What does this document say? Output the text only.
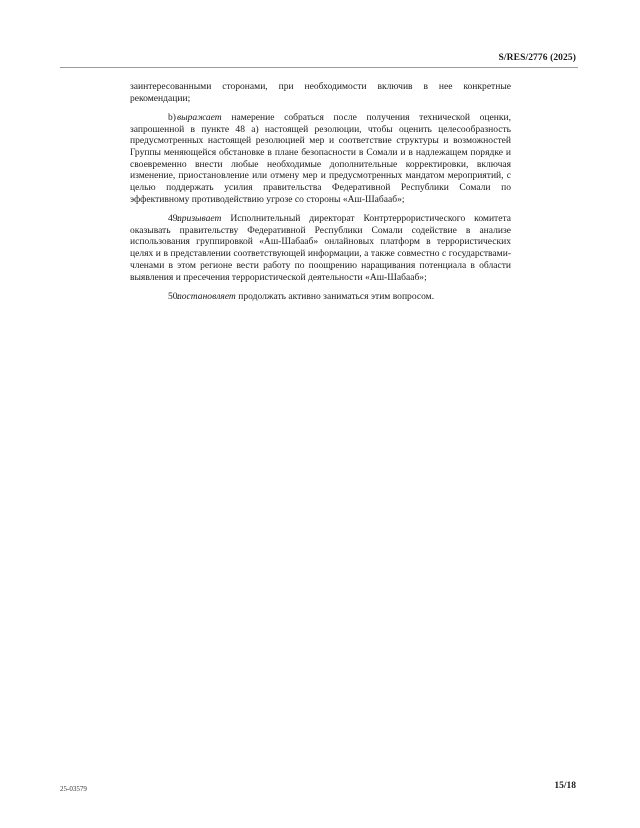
S/RES/2776 (2025)

заинтересованными сторонами, при необходимости включив в нее конкретные рекомендации;

b)выражает намерение собраться после получения технической оценки, запрошенной в пункте 48 а) настоящей резолюции, чтобы оценить целесообразность предусмотренных настоящей резолюцией мер и соответствие структуры и возможностей Группы меняющейся обстановке в плане безопасности в Сомали и в надлежащем порядке и своевременно внести любые необходимые дополнительные корректировки, включая изменение, приостановление или отмену мер и предусмотренных мандатом мероприятий, с целью поддержать усилия правительства Федеративной Республики Сомали по эффективному противодействию угрозе со стороны «Аш-Шабааб»;

49.призывает Исполнительный директорат Контртеррористического комитета оказывать правительству Федеративной Республики Сомали содействие в анализе использования группировкой «Аш-Шабааб» онлайновых платформ в террористических целях и в представлении соответствующей информации, а также совместно с государствами-членами в этом регионе вести работу по поощрению наращивания потенциала в области выявления и пресечения террористической деятельности «Аш-Шабааб»;

50.постановляет продолжать активно заниматься этим вопросом.

25-03579	15/18
